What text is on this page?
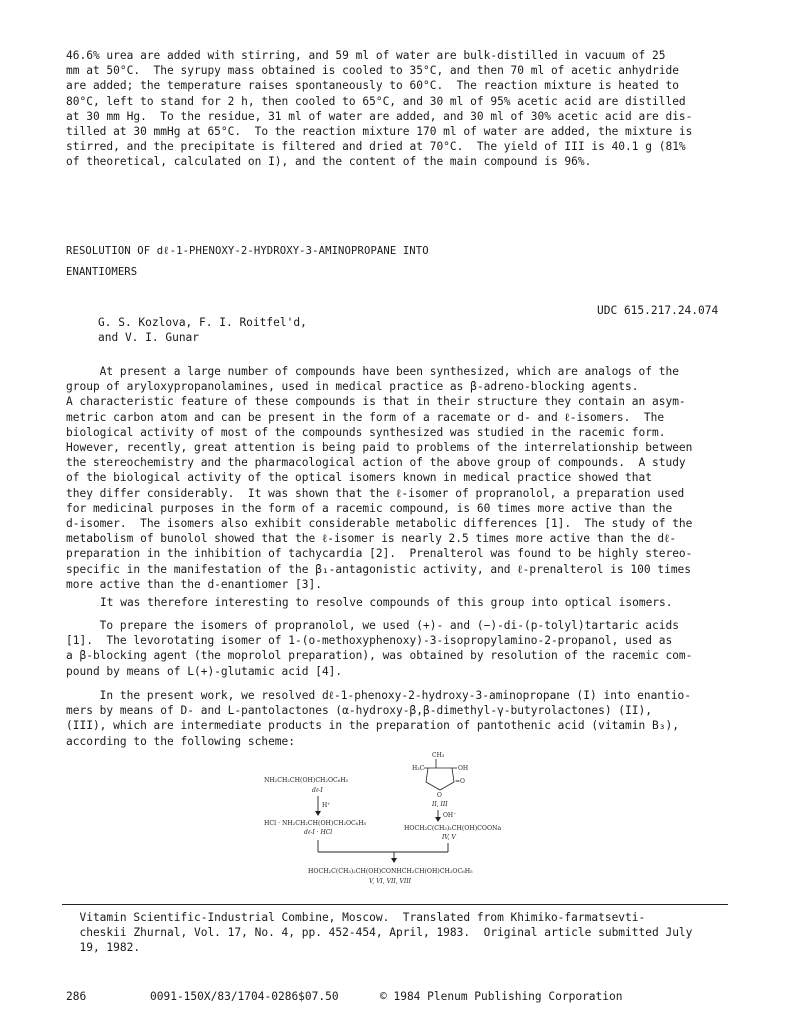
46.6% urea are added with stirring, and 59 ml of water are bulk-distilled in vacuum of 25
mm at 50°C.  The syrupy mass obtained is cooled to 35°C, and then 70 ml of acetic anhydride
are added; the temperature raises spontaneously to 60°C.  The reaction mixture is heated to
80°C, left to stand for 2 h, then cooled to 65°C, and 30 ml of 95% acetic acid are distilled
at 30 mm Hg.  To the residue, 31 ml of water are added, and 30 ml of 30% acetic acid are dis-
tilled at 30 mmHg at 65°C.  To the reaction mixture 170 ml of water are added, the mixture is
stirred, and the precipitate is filtered and dried at 70°C.  The yield of III is 40.1 g (81%
of theoretical, calculated on I), and the content of the main compound is 96%.
RESOLUTION OF dℓ-1-PHENOXY-2-HYDROXY-3-AMINOPROPANE INTO
ENANTIOMERS
G. S. Kozlova, F. I. Roitfel'd,
and V. I. Gunar
UDC 615.217.24.074
At present a large number of compounds have been synthesized, which are analogs of the
group of aryloxypropanolamines, used in medical practice as β-adreno-blocking agents.
A characteristic feature of these compounds is that in their structure they contain an asym-
metric carbon atom and can be present in the form of a racemate or d- and ℓ-isomers.  The
biological activity of most of the compounds synthesized was studied in the racemic form.
However, recently, great attention is being paid to problems of the interrelationship between
the stereochemistry and the pharmacological action of the above group of compounds.  A study
of the biological activity of the optical isomers known in medical practice showed that
they differ considerably.  It was shown that the ℓ-isomer of propranolol, a preparation used
for medicinal purposes in the form of a racemic compound, is 60 times more active than the
d-isomer.  The isomers also exhibit considerable metabolic differences [1].  The study of the
metabolism of bunolol showed that the ℓ-isomer is nearly 2.5 times more active than the dℓ-
preparation in the inhibition of tachycardia [2].  Prenalterol was found to be highly stereo-
specific in the manifestation of the β₁-antagonistic activity, and ℓ-prenalterol is 100 times
more active than the d-enantiomer [3].
It was therefore interesting to resolve compounds of this group into optical isomers.
To prepare the isomers of propranolol, we used (+)- and (−)-di-(p-tolyl)tartaric acids
[1].  The levorotating isomer of 1-(o-methoxyphenoxy)-3-isopropylamino-2-propanol, used as
a β-blocking agent (the moprolol preparation), was obtained by resolution of the racemic com-
pound by means of L(+)-glutamic acid [4].
In the present work, we resolved dℓ-1-phenoxy-2-hydroxy-3-aminopropane (I) into enantio-
mers by means of D- and L-pantolactones (α-hydroxy-β,β-dimethyl-γ-butyrolactones) (II),
(III), which are intermediate products in the preparation of pantothenic acid (vitamin B₃),
according to the following scheme:
NH₂CH₂CH(OH)CH₂OC₆H₅
dℓ-I
H⁺
HCl · NH₂CH₂CH(OH)CH₂OC₆H₅
dℓ-I · HCl
CH₃
H₃C	OH
O
=O
II, III
OH⁻
HOCH₂C(CH₃)₂CH(OH)COONa
IV, V
HOCH₂C(CH₃)₂CH(OH)CONHCH₂CH(OH)CH₂OC₆H₅
V, VI, VII, VIII
Vitamin Scientific-Industrial Combine, Moscow.  Translated from Khimiko-farmatsevti-
cheskii Zhurnal, Vol. 17, No. 4, pp. 452-454, April, 1983.  Original article submitted July
19, 1982.
286	0091-150X/83/1704-0286$07.50	© 1984 Plenum Publishing Corporation
